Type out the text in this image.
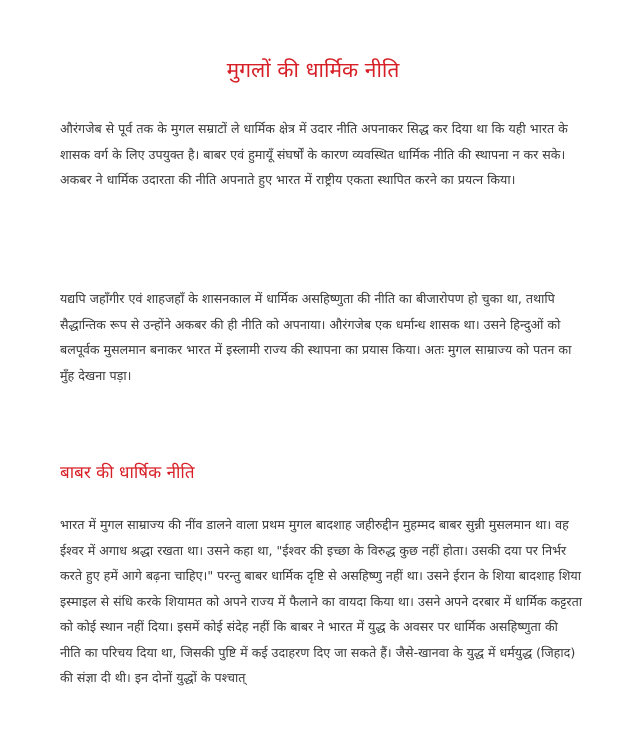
मुगलों की धार्मिक नीति

औरंगजेब से पूर्व तक के मुगल सम्राटों ले धार्मिक क्षेत्र में उदार नीति अपनाकर सिद्ध कर दिया था कि यही भारत के शासक वर्ग के लिए उपयुक्त है। बाबर एवं हुमायूँ संघर्षों के कारण व्यवस्थित धार्मिक नीति की स्थापना न कर सके। अकबर ने धार्मिक उदारता की नीति अपनाते हुए भारत में राष्ट्रीय एकता स्थापित करने का प्रयत्न किया।

यद्यपि जहाँगीर एवं शाहजहाँ के शासनकाल में धार्मिक असहिष्णुता की नीति का बीजारोपण हो चुका था, तथापि सैद्धान्तिक रूप से उन्होंने अकबर की ही नीति को अपनाया। औरंगजेब एक धर्मान्ध शासक था। उसने हिन्दुओं को बलपूर्वक मुसलमान बनाकर भारत में इस्लामी राज्य की स्थापना का प्रयास किया। अतः मुगल साम्राज्य को पतन का मुँह देखना पड़ा।

बाबर की धार्षिक नीति

भारत में मुगल साम्राज्य की नींव डालने वाला प्रथम मुगल बादशाह जहीरुद्दीन मुहम्मद बाबर सुन्नी मुसलमान था। वह ईश्वर में अगाध श्रद्धा रखता था। उसने कहा था, "ईश्वर की इच्छा के विरुद्ध कुछ नहीं होता। उसकी दया पर निर्भर करते हुए हमें आगे बढ़ना चाहिए।" परन्तु बाबर धार्मिक दृष्टि से असहिष्णु नहीं था। उसने ईरान के शिया बादशाह शिया इस्माइल से संधि करके शियामत को अपने राज्य में फैलाने का वायदा किया था। उसने अपने दरबार में धार्मिक कट्टरता को कोई स्थान नहीं दिया। इसमें कोई संदेह नहीं कि बाबर ने भारत में युद्ध के अवसर पर धार्मिक असहिष्णुता की नीति का परिचय दिया था, जिसकी पुष्टि में कई उदाहरण दिए जा सकते हैं। जैसे-खानवा के युद्ध में धर्मयुद्ध (जिहाद) की संज्ञा दी थी। इन दोनों युद्धों के पश्चात्
